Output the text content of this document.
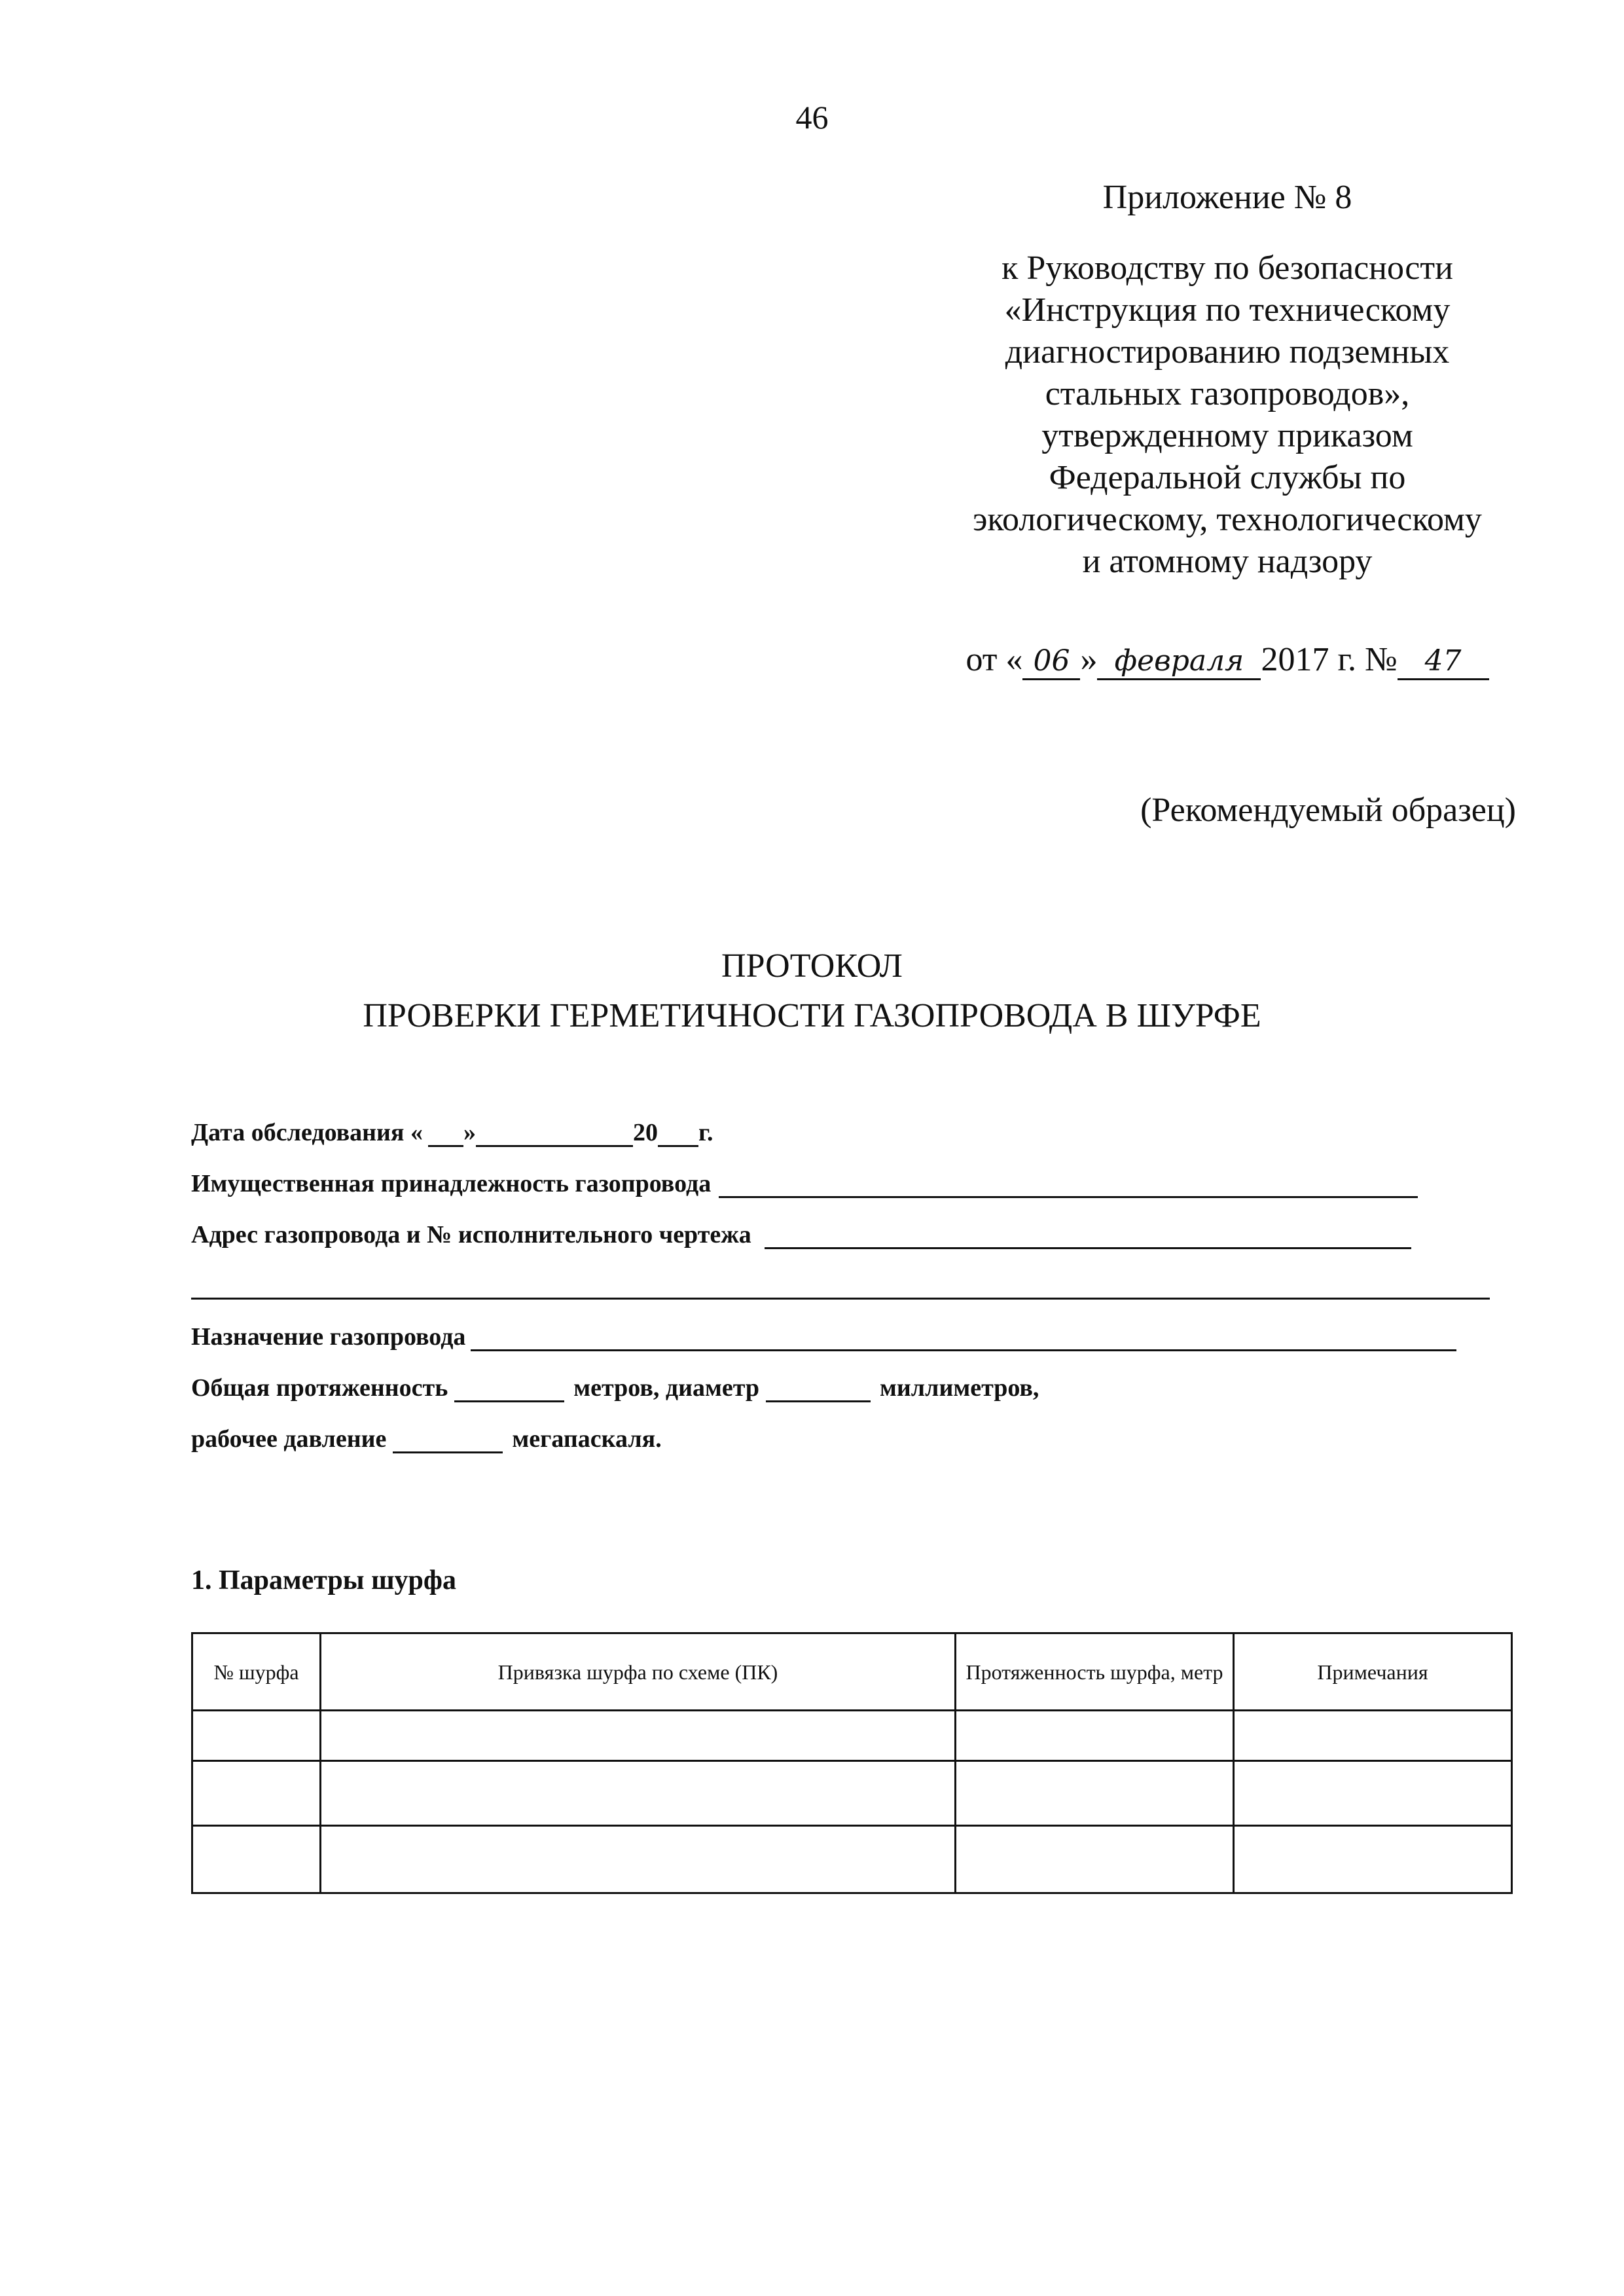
46
Приложение № 8
к Руководству по безопасности
«Инструкция по техническому
диагностированию подземных
стальных газопроводов»,
утвержденному приказом
Федеральной службы по
экологическому, технологическому
и атомному надзору
от « 06 » февраля 2017 г. № 47
(Рекомендуемый образец)
ПРОТОКОЛ
ПРОВЕРКИ ГЕРМЕТИЧНОСТИ ГАЗОПРОВОДА В ШУРФЕ
Дата обследования « »	20 г.
Имущественная принадлежность газопровода
Адрес газопровода и № исполнительного чертежа
Назначение газопровода
Общая протяженность	метров, диаметр	миллиметров,
рабочее давление	мегапаскаля.
1. Параметры шурфа
№ шурфа	Привязка шурфа по схеме (ПК)	Протяженность шурфа, метр	Примечания
